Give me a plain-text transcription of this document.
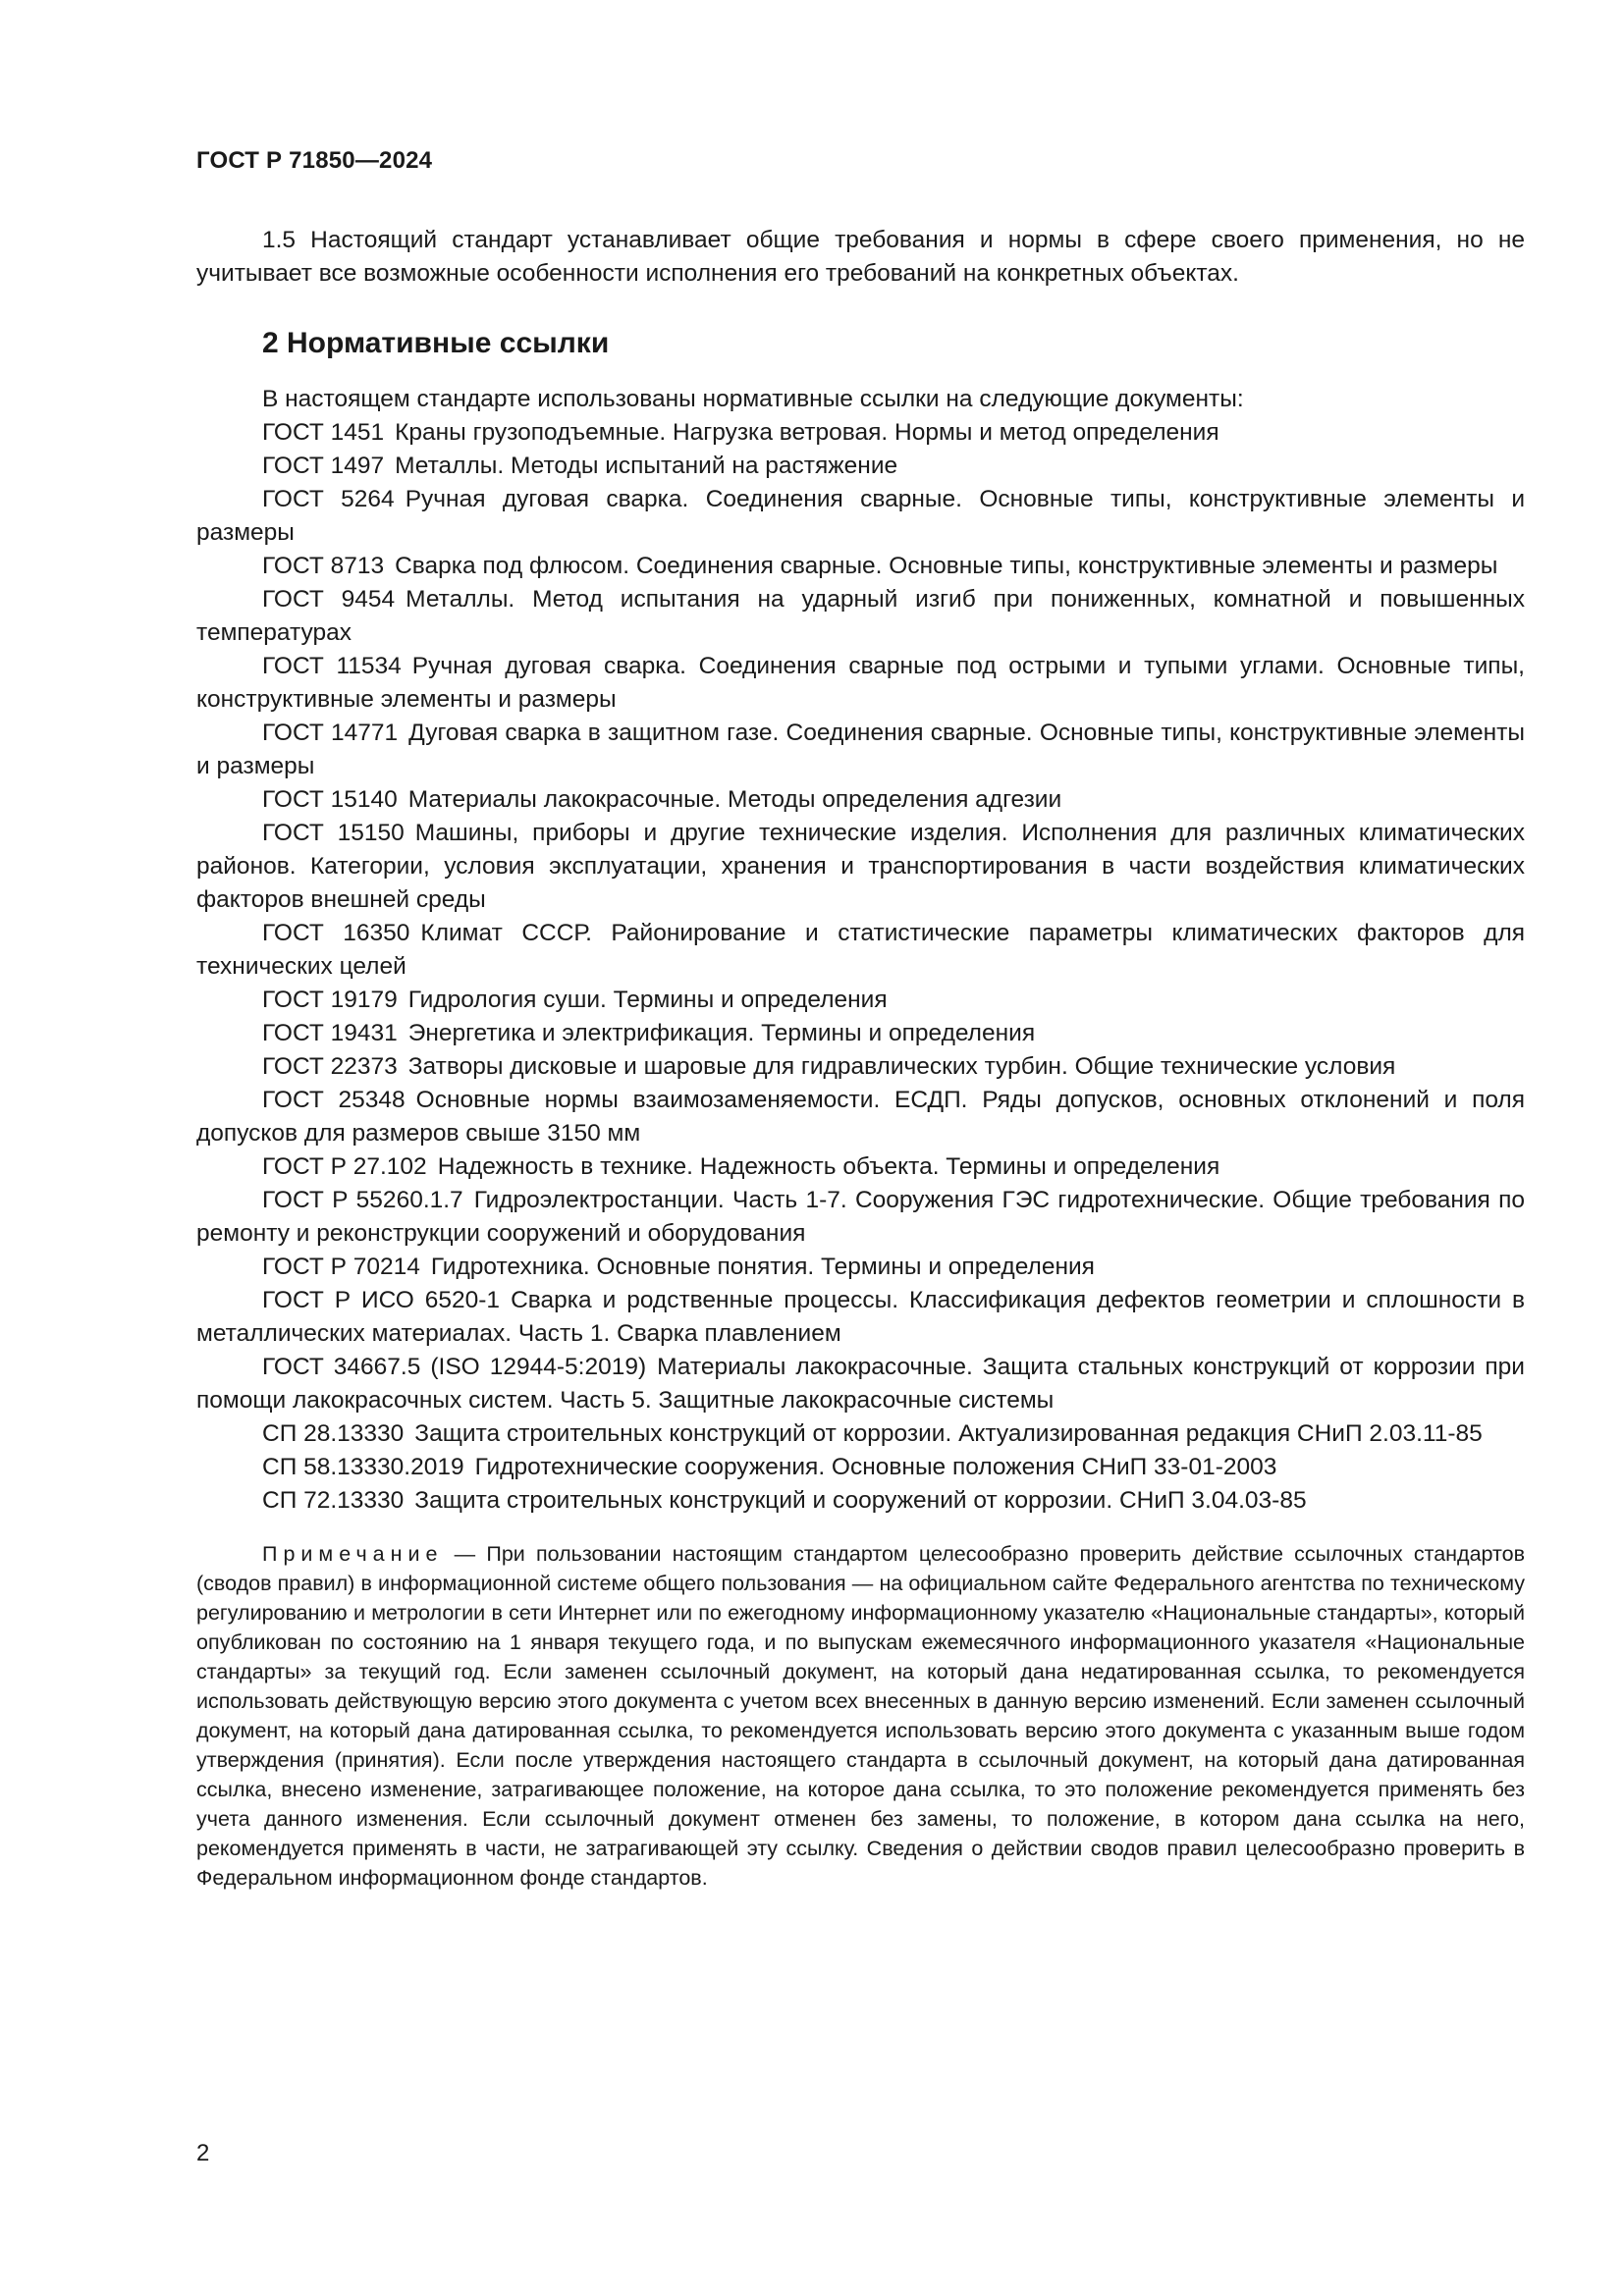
ГОСТ Р 71850—2024

1.5 Настоящий стандарт устанавливает общие требования и нормы в сфере своего применения, но не учитывает все возможные особенности исполнения его требований на конкретных объектах.

2 Нормативные ссылки

В настоящем стандарте использованы нормативные ссылки на следующие документы:

ГОСТ 1451 Краны грузоподъемные. Нагрузка ветровая. Нормы и метод определения
ГОСТ 1497 Металлы. Методы испытаний на растяжение
ГОСТ 5264 Ручная дуговая сварка. Соединения сварные. Основные типы, конструктивные элементы и размеры
ГОСТ 8713 Сварка под флюсом. Соединения сварные. Основные типы, конструктивные элементы и размеры
ГОСТ 9454 Металлы. Метод испытания на ударный изгиб при пониженных, комнатной и повышенных температурах
ГОСТ 11534 Ручная дуговая сварка. Соединения сварные под острыми и тупыми углами. Основные типы, конструктивные элементы и размеры
ГОСТ 14771 Дуговая сварка в защитном газе. Соединения сварные. Основные типы, конструктивные элементы и размеры
ГОСТ 15140 Материалы лакокрасочные. Методы определения адгезии
ГОСТ 15150 Машины, приборы и другие технические изделия. Исполнения для различных климатических районов. Категории, условия эксплуатации, хранения и транспортирования в части воздействия климатических факторов внешней среды
ГОСТ 16350 Климат СССР. Районирование и статистические параметры климатических факторов для технических целей
ГОСТ 19179 Гидрология суши. Термины и определения
ГОСТ 19431 Энергетика и электрификация. Термины и определения
ГОСТ 22373 Затворы дисковые и шаровые для гидравлических турбин. Общие технические условия
ГОСТ 25348 Основные нормы взаимозаменяемости. ЕСДП. Ряды допусков, основных отклонений и поля допусков для размеров свыше 3150 мм
ГОСТ Р 27.102 Надежность в технике. Надежность объекта. Термины и определения
ГОСТ Р 55260.1.7 Гидроэлектростанции. Часть 1-7. Сооружения ГЭС гидротехнические. Общие требования по ремонту и реконструкции сооружений и оборудования
ГОСТ Р 70214 Гидротехника. Основные понятия. Термины и определения
ГОСТ Р ИСО 6520-1 Сварка и родственные процессы. Классификация дефектов геометрии и сплошности в металлических материалах. Часть 1. Сварка плавлением
ГОСТ 34667.5 (ISO 12944-5:2019) Материалы лакокрасочные. Защита стальных конструкций от коррозии при помощи лакокрасочных систем. Часть 5. Защитные лакокрасочные системы
СП 28.13330 Защита строительных конструкций от коррозии. Актуализированная редакция СНиП 2.03.11-85
СП 58.13330.2019 Гидротехнические сооружения. Основные положения СНиП 33-01-2003
СП 72.13330 Защита строительных конструкций и сооружений от коррозии. СНиП 3.04.03-85

Примечание — При пользовании настоящим стандартом целесообразно проверить действие ссылочных стандартов (сводов правил) в информационной системе общего пользования — на официальном сайте Федерального агентства по техническому регулированию и метрологии в сети Интернет или по ежегодному информационному указателю «Национальные стандарты», который опубликован по состоянию на 1 января текущего года, и по выпускам ежемесячного информационного указателя «Национальные стандарты» за текущий год. Если заменен ссылочный документ, на который дана недатированная ссылка, то рекомендуется использовать действующую версию этого документа с учетом всех внесенных в данную версию изменений. Если заменен ссылочный документ, на который дана датированная ссылка, то рекомендуется использовать версию этого документа с указанным выше годом утверждения (принятия). Если после утверждения настоящего стандарта в ссылочный документ, на который дана датированная ссылка, внесено изменение, затрагивающее положение, на которое дана ссылка, то это положение рекомендуется применять без учета данного изменения. Если ссылочный документ отменен без замены, то положение, в котором дана ссылка на него, рекомендуется применять в части, не затрагивающей эту ссылку. Сведения о действии сводов правил целесообразно проверить в Федеральном информационном фонде стандартов.

2
